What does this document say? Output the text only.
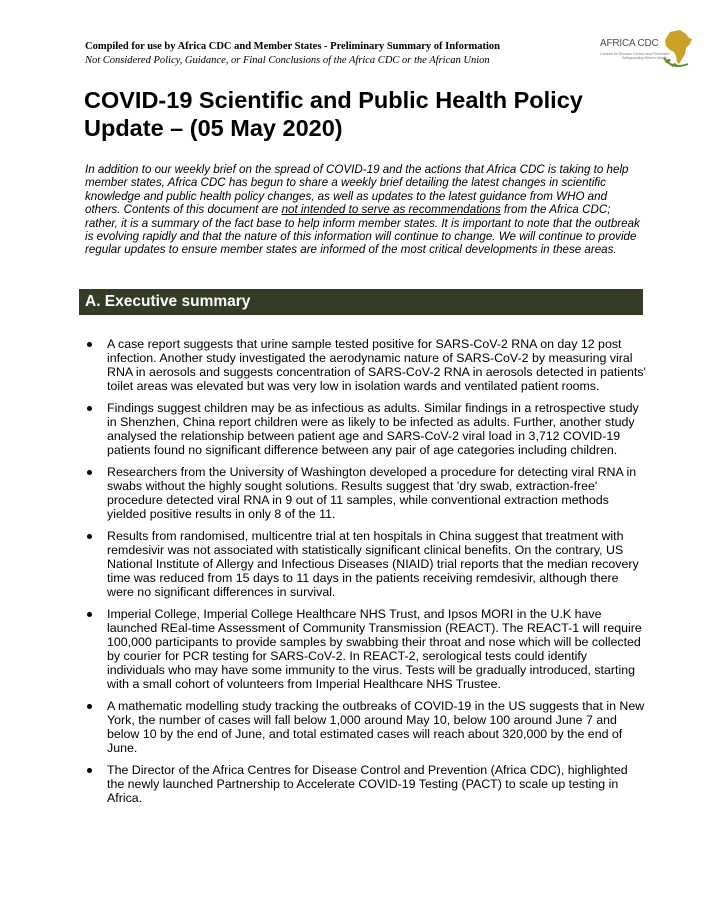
Compiled for use by Africa CDC and Member States - Preliminary Summary of Information
Not Considered Policy, Guidance, or Final Conclusions of the Africa CDC or the African Union
AFRICA CDC
Centres for Disease Control and Prevention
Safeguarding Africa's Health
COVID-19 Scientific and Public Health Policy Update – (05 May 2020)

In addition to our weekly brief on the spread of COVID-19 and the actions that Africa CDC is taking to help member states, Africa CDC has begun to share a weekly brief detailing the latest changes in scientific knowledge and public health policy changes, as well as updates to the latest guidance from WHO and others. Contents of this document are not intended to serve as recommendations from the Africa CDC; rather, it is a summary of the fact base to help inform member states. It is important to note that the outbreak is evolving rapidly and that the nature of this information will continue to change. We will continue to provide regular updates to ensure member states are informed of the most critical developments in these areas.

A. Executive summary
A case report suggests that urine sample tested positive for SARS-CoV-2 RNA on day 12 post infection. Another study investigated the aerodynamic nature of SARS-CoV-2 by measuring viral RNA in aerosols and suggests concentration of SARS-CoV-2 RNA in aerosols detected in patients' toilet areas was elevated but was very low in isolation wards and ventilated patient rooms.
Findings suggest children may be as infectious as adults. Similar findings in a retrospective study in Shenzhen, China report children were as likely to be infected as adults. Further, another study analysed the relationship between patient age and SARS-CoV-2 viral load in 3,712 COVID-19 patients found no significant difference between any pair of age categories including children.
Researchers from the University of Washington developed a procedure for detecting viral RNA in swabs without the highly sought solutions. Results suggest that 'dry swab, extraction-free' procedure detected viral RNA in 9 out of 11 samples, while conventional extraction methods yielded positive results in only 8 of the 11.
Results from randomised, multicentre trial at ten hospitals in China suggest that treatment with remdesivir was not associated with statistically significant clinical benefits. On the contrary, US National Institute of Allergy and Infectious Diseases (NIAID) trial reports that the median recovery time was reduced from 15 days to 11 days in the patients receiving remdesivir, although there were no significant differences in survival.
Imperial College, Imperial College Healthcare NHS Trust, and Ipsos MORI in the U.K have launched REal-time Assessment of Community Transmission (REACT). The REACT-1 will require 100,000 participants to provide samples by swabbing their throat and nose which will be collected by courier for PCR testing for SARS-CoV-2. In REACT-2, serological tests could identify individuals who may have some immunity to the virus. Tests will be gradually introduced, starting with a small cohort of volunteers from Imperial Healthcare NHS Trustee.
A mathematic modelling study tracking the outbreaks of COVID-19 in the US suggests that in New York, the number of cases will fall below 1,000 around May 10, below 100 around June 7 and below 10 by the end of June, and total estimated cases will reach about 320,000 by the end of June.
The Director of the Africa Centres for Disease Control and Prevention (Africa CDC), highlighted the newly launched Partnership to Accelerate COVID-19 Testing (PACT) to scale up testing in Africa.
